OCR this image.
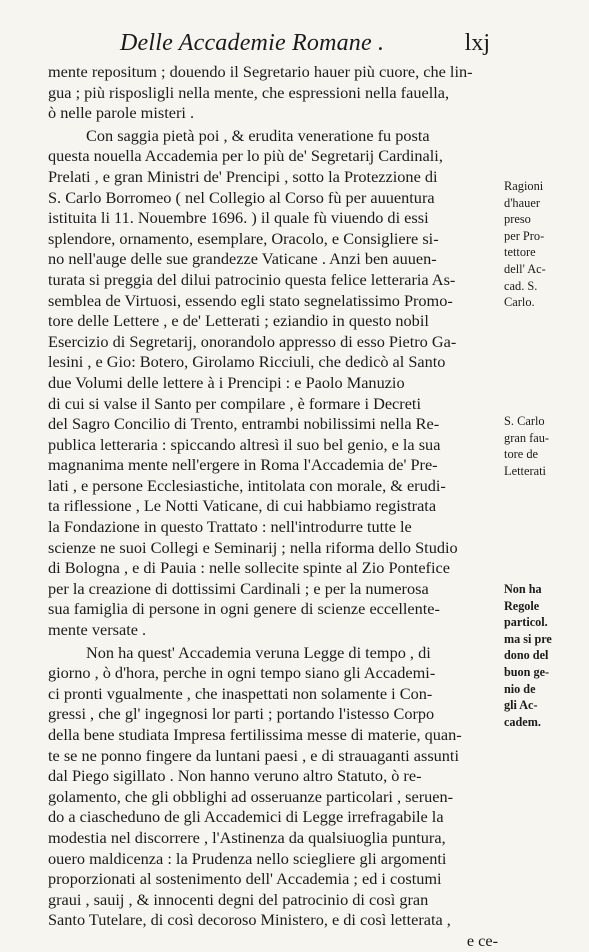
Delle Accademie Romane .	lxj
mente repositum ; douendo il Segretario hauer più cuore, che lin-
gua ; più risposligli nella mente, che espressioni nella fauella,
ò nelle parole misteri .
Con saggia pietà poi , & erudita veneratione fu posta
questa nouella Accademia per lo più de' Segretarij Cardinali,
Prelati , e gran Ministri de' Prencipi , sotto la Protezzione di
S. Carlo Borromeo ( nel Collegio al Corso fù per auuentura
istituita li 11. Nouembre 1696. ) il quale fù viuendo di essi
splendore, ornamento, esemplare, Oracolo, e Consigliere si-
no nell'auge delle sue grandezze Vaticane . Anzi ben auuen-
turata si preggia del dilui patrocinio questa felice letteraria As-
semblea de Virtuosi, essendo egli stato segnelatissimo Promo-
tore delle Lettere , e de' Letterati ; eziandio in questo nobil
Esercizio di Segretarij, onorandolo appresso di esso Pietro Ga-
lesini , e Gio: Botero, Girolamo Ricciuli, che dedicò al Santo
due Volumi delle lettere à i Prencipi : e Paolo Manuzio
di cui si valse il Santo per compilare , è formare i Decreti
del Sagro Concilio di Trento, entrambi nobilissimi nella Re-
publica letteraria : spiccando altresì il suo bel genio, e la sua
magnanima mente nell'ergere in Roma l'Accademia de' Pre-
lati , e persone Ecclesiastiche, intitolata con morale, & erudi-
ta riflessione , Le Notti Vaticane, di cui habbiamo registrata
la Fondazione in questo Trattato : nell'introdurre tutte le
scienze ne suoi Collegi e Seminarij ; nella riforma dello Studio
di Bologna , e di Pauia : nelle sollecite spinte al Zio Pontefice
per la creazione di dottissimi Cardinali ; e per la numerosa
sua famiglia di persone in ogni genere di scienze eccellente-
mente versate .
Non ha quest' Accademia veruna Legge di tempo , di
giorno , ò d'hora, perche in ogni tempo siano gli Accademi-
ci pronti vgualmente , che inaspettati non solamente i Con-
gressi , che gl' ingegnosi lor parti ; portando l'istesso Corpo
della bene studiata Impresa fertilissima messe di materie, quan-
te se ne ponno fingere da luntani paesi , e di strauaganti assunti
dal Piego sigillato . Non hanno veruno altro Statuto, ò re-
golamento, che gli obblighi ad osseruanze particolari , seruen-
do a ciascheduno de gli Accademici di Legge irrefragabile la
modestia nel discorrere , l'Astinenza da qualsiuoglia puntura,
ouero maldicenza : la Prudenza nello sciegliere gli argomenti
proporzionati al sostenimento dell' Accademia ; ed i costumi
graui , sauij , & innocenti degni del patrocinio di così gran
Santo Tutelare, di così decoroso Ministero, e di così letterata ,
e ce-
Ragioni
d'hauer
preso
per Pro-
tettore
dell' Ac-
cad. S.
Carlo.
S. Carlo
gran fau-
tore de
Letterati
Non ha
Regole
particol.
ma si pre
dono del
buon ge-
nio de
gli Ac-
cadem.
